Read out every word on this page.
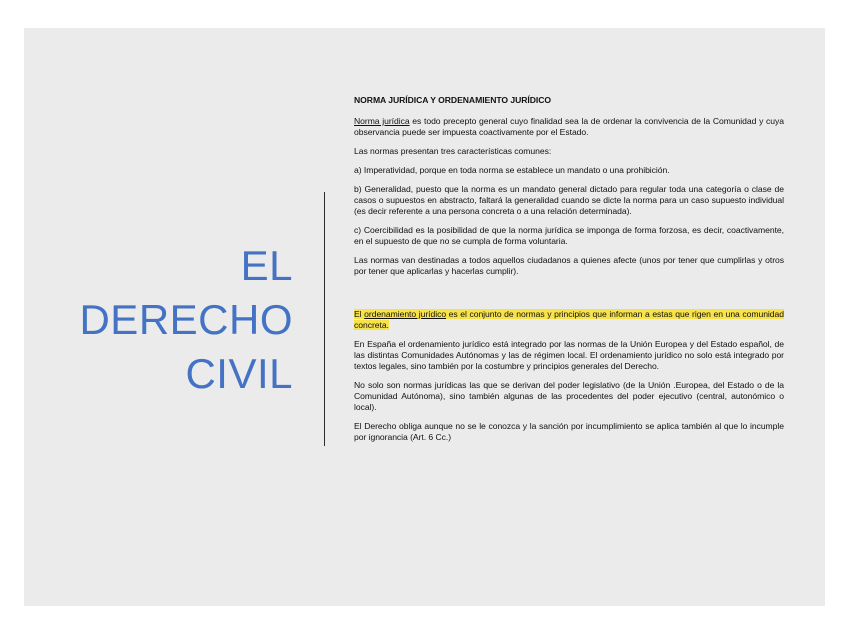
EL
DERECHO
CIVIL

NORMA JURÍDICA Y ORDENAMIENTO JURÍDICO

Norma jurídica es todo precepto general cuyo finalidad sea la de ordenar la convivencia de la Comunidad y cuya observancia puede ser impuesta coactivamente por el Estado.

Las normas presentan tres características comunes:

a) Imperatividad, porque en toda norma se establece un mandato o una prohibición.

b) Generalidad, puesto que la norma es un mandato general dictado para regular toda una categoría o clase de casos o supuestos en abstracto, faltará la generalidad cuando se dicte la norma para un caso supuesto individual (es decir referente a una persona concreta o a una relación determinada).

c) Coercibilidad es la posibilidad de que la norma jurídica se imponga de forma forzosa, es decir, coactivamente, en el supuesto de que no se cumpla de forma voluntaria.

Las normas van destinadas a todos aquellos ciudadanos a quienes afecte (unos por tener que cumplirlas y otros por tener que aplicarlas y hacerlas cumplir).

El ordenamiento jurídico es el conjunto de normas y principios que informan a estas que rigen en una comunidad concreta.

En España el ordenamiento jurídico está integrado por las normas de la Unión Europea y del Estado español, de las distintas Comunidades Autónomas y las de régimen local. El ordenamiento jurídico no solo está integrado por textos legales, sino también por la costumbre y principios generales del Derecho.

No solo son normas jurídicas las que se derivan del poder legislativo (de la Unión .Europea, del Estado o de la Comunidad Autónoma), sino también algunas de las procedentes del poder ejecutivo (central, autonómico o local).

El Derecho obliga aunque no se le conozca y la sanción por incumplimiento se aplica también al que lo incumple por ignorancia (Art. 6 Cc.)
